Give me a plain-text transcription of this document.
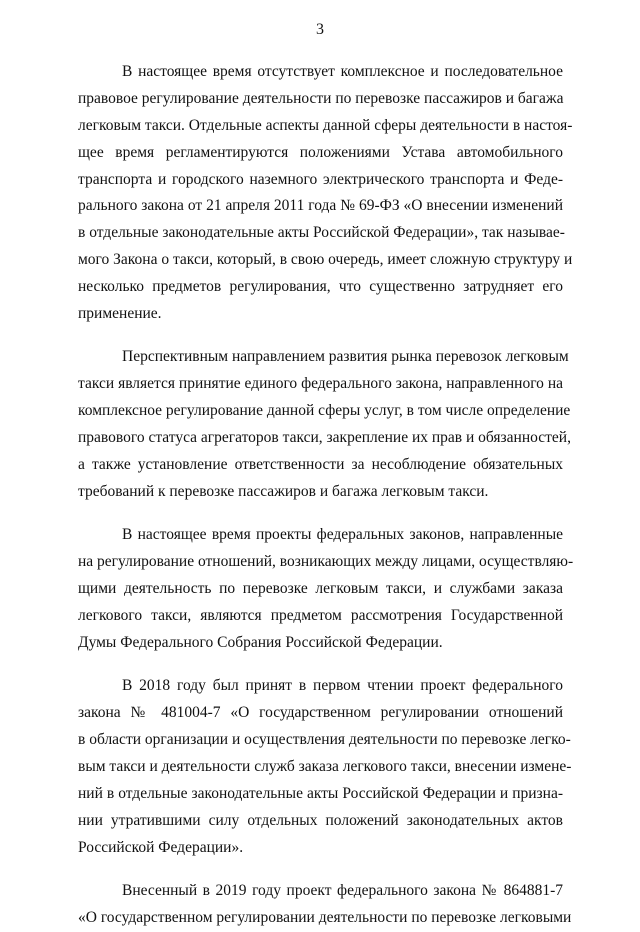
3
В настоящее время отсутствует комплексное и последовательное
правовое регулирование деятельности по перевозке пассажиров и багажа
легковым такси. Отдельные аспекты данной сферы деятельности в настоя-
щее время регламентируются положениями Устава автомобильного
транспорта и городского наземного электрического транспорта и Феде-
рального закона от 21 апреля 2011 года № 69-ФЗ «О внесении изменений
в отдельные законодательные акты Российской Федерации», так называе-
мого Закона о такси, который, в свою очередь, имеет сложную структуру и
несколько предметов регулирования, что существенно затрудняет его
применение.
Перспективным направлением развития рынка перевозок легковым
такси является принятие единого федерального закона, направленного на
комплексное регулирование данной сферы услуг, в том числе определение
правового статуса агрегаторов такси, закрепление их прав и обязанностей,
а также установление ответственности за несоблюдение обязательных
требований к перевозке пассажиров и багажа легковым такси.
В настоящее время проекты федеральных законов, направленные
на регулирование отношений, возникающих между лицами, осуществляю-
щими деятельность по перевозке легковым такси, и службами заказа
легкового такси, являются предметом рассмотрения Государственной
Думы Федерального Собрания Российской Федерации.
В 2018 году был принят в первом чтении проект федерального
закона № 481004-7 «О государственном регулировании отношений
в области организации и осуществления деятельности по перевозке легко-
вым такси и деятельности служб заказа легкового такси, внесении измене-
ний в отдельные законодательные акты Российской Федерации и призна-
нии утратившими силу отдельных положений законодательных актов
Российской Федерации».
Внесенный в 2019 году проект федерального закона № 864881-7
«О государственном регулировании деятельности по перевозке легковыми
